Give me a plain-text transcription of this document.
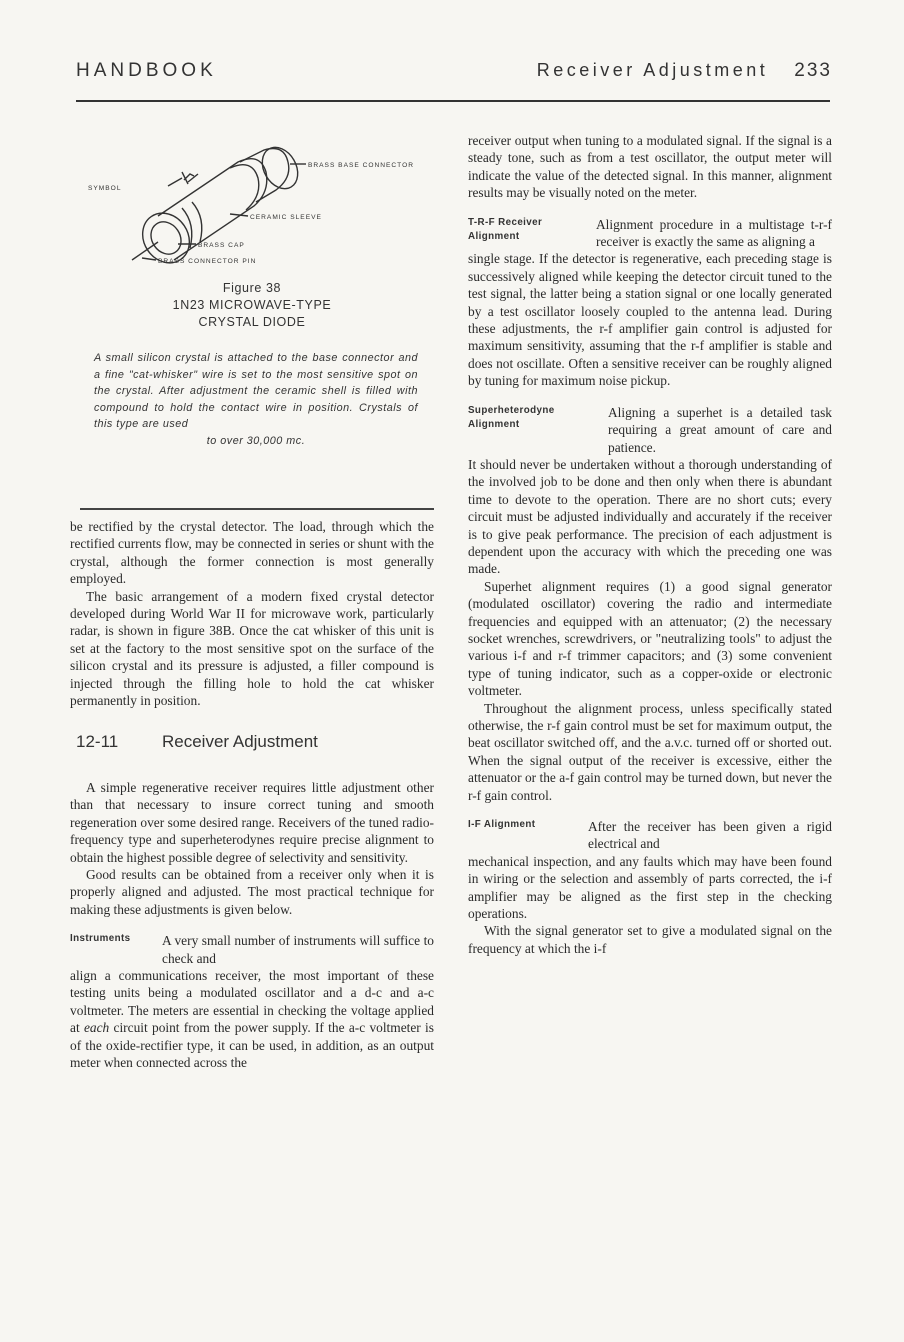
HANDBOOK	Receiver Adjustment 233
SYMBOL
BRASS BASE CONNECTOR
CERAMIC SLEEVE
BRASS CAP
BRASS CONNECTOR PIN
Figure 38
1N23 MICROWAVE-TYPE
CRYSTAL DIODE
A small silicon crystal is attached to the base connector and a fine "cat-whisker" wire is set to the most sensitive spot on the crystal. After adjustment the ceramic shell is filled with compound to hold the contact wire in position. Crystals of this type are used
to over 30,000 mc.

be rectified by the crystal detector. The load, through which the rectified currents flow, may be connected in series or shunt with the crystal, although the former connection is most generally employed.

The basic arrangement of a modern fixed crystal detector developed during World War II for microwave work, particularly radar, is shown in figure 38B. Once the cat whisker of this unit is set at the factory to the most sensitive spot on the surface of the silicon crystal and its pressure is adjusted, a filler compound is injected through the filling hole to hold the cat whisker permanently in position.

12-11	Receiver Adjustment

A simple regenerative receiver requires little adjustment other than that necessary to insure correct tuning and smooth regeneration over some desired range. Receivers of the tuned radio-frequency type and superheterodynes require precise alignment to obtain the highest possible degree of selectivity and sensitivity.

Good results can be obtained from a receiver only when it is properly aligned and adjusted. The most practical technique for making these adjustments is given below.

Instruments	A very small number of instruments will suffice to check and

align a communications receiver, the most important of these testing units being a modulated oscillator and a d-c and a-c voltmeter. The meters are essential in checking the voltage applied at each circuit point from the power supply. If the a-c voltmeter is of the oxide-rectifier type, it can be used, in addition, as an output meter when connected across the

receiver output when tuning to a modulated signal. If the signal is a steady tone, such as from a test oscillator, the output meter will indicate the value of the detected signal. In this manner, alignment results may be visually noted on the meter.

T-R-F Receiver
Alignment
Alignment procedure in a multistage t-r-f receiver is exactly the same as aligning a

single stage. If the detector is regenerative, each preceding stage is successively aligned while keeping the detector circuit tuned to the test signal, the latter being a station signal or one locally generated by a test oscillator loosely coupled to the antenna lead. During these adjustments, the r-f amplifier gain control is adjusted for maximum sensitivity, assuming that the r-f amplifier is stable and does not oscillate. Often a sensitive receiver can be roughly aligned by tuning for maximum noise pickup.

Superheterodyne
Alignment
Aligning a superhet is a detailed task requiring a great amount of care and patience.

It should never be undertaken without a thorough understanding of the involved job to be done and then only when there is abundant time to devote to the operation. There are no short cuts; every circuit must be adjusted individually and accurately if the receiver is to give peak performance. The precision of each adjustment is dependent upon the accuracy with which the preceding one was made.

Superhet alignment requires (1) a good signal generator (modulated oscillator) covering the radio and intermediate frequencies and equipped with an attenuator; (2) the necessary socket wrenches, screwdrivers, or "neutralizing tools" to adjust the various i-f and r-f trimmer capacitors; and (3) some convenient type of tuning indicator, such as a copper-oxide or electronic voltmeter.

Throughout the alignment process, unless specifically stated otherwise, the r-f gain control must be set for maximum output, the beat oscillator switched off, and the a.v.c. turned off or shorted out. When the signal output of the receiver is excessive, either the attenuator or the a-f gain control may be turned down, but never the r-f gain control.

I-F Alignment	After the receiver has been given a rigid electrical and

mechanical inspection, and any faults which may have been found in wiring or the selection and assembly of parts corrected, the i-f amplifier may be aligned as the first step in the checking operations.

With the signal generator set to give a modulated signal on the frequency at which the i-f
